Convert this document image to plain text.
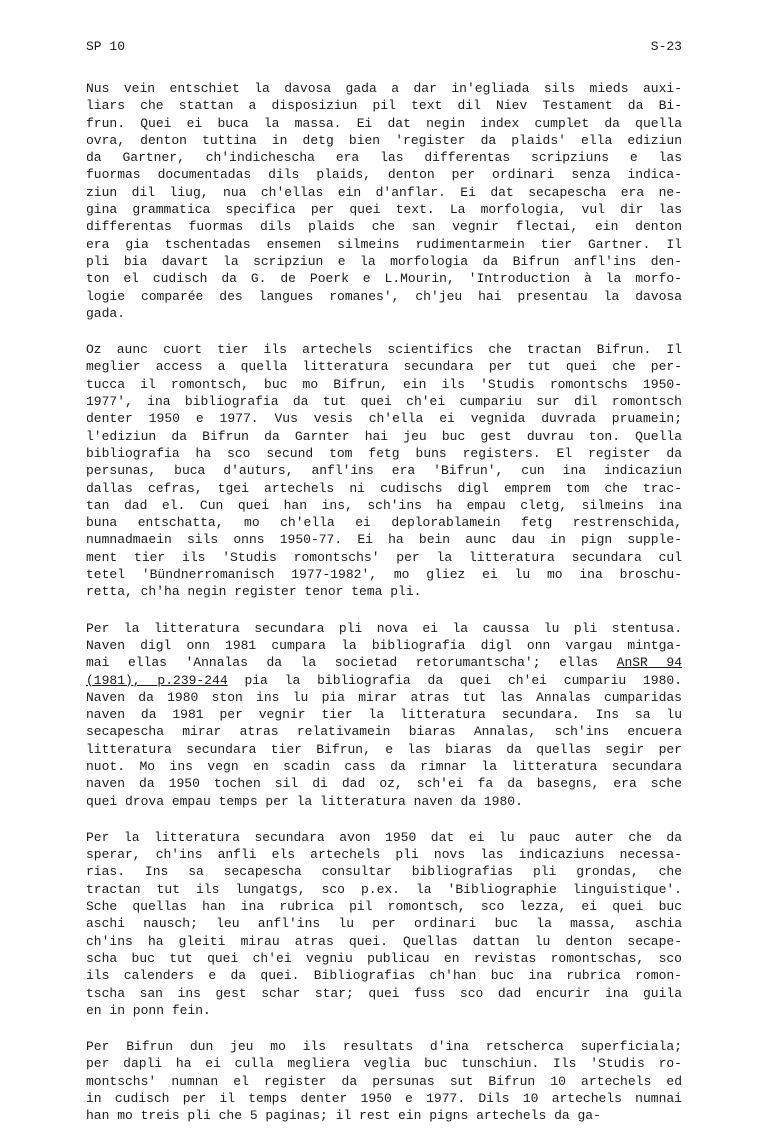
SP 10	S-23
Nus vein entschiet la davosa gada a dar in'egliada sils mieds auxi-
liars che stattan a disposiziun pil text dil Niev Testament da Bi-
frun. Quei ei buca la massa. Ei dat negin index cumplet da quella
ovra, denton tuttina in detg bien 'register da plaids' ella ediziun
da Gartner, ch'indichescha era las differentas scripziuns e las
fuormas documentadas dils plaids, denton per ordinari senza indica-
ziun dil liug, nua ch'ellas ein d'anflar. Ei dat secapescha era ne-
gina grammatica specifica per quei text. La morfologia, vul dir las
differentas fuormas dils plaids che san vegnir flectai, ein denton
era gia tschentadas ensemen silmeins rudimentarmein tier Gartner. Il
pli bia davart la scripziun e la morfologia da Bifrun anfl'ins den-
ton el cudisch da G. de Poerk e L.Mourin, 'Introduction à la morfo-
logie comparée des langues romanes', ch'jeu hai presentau la davosa
gada.
Oz aunc cuort tier ils artechels scientifics che tractan Bifrun. Il
meglier access a quella litteratura secundara per tut quei che per-
tucca il romontsch, buc mo Bifrun, ein ils 'Studis romontschs 1950-
1977', ina bibliografia da tut quei ch'ei cumpariu sur dil romontsch
denter 1950 e 1977. Vus vesis ch'ella ei vegnida duvrada pruamein;
l'ediziun da Bifrun da Garnter hai jeu buc gest duvrau ton. Quella
bibliografia ha sco secund tom fetg buns registers. El register da
persunas, buca d'auturs, anfl'ins era 'Bifrun', cun ina indicaziun
dallas cefras, tgei artechels ni cudischs digl emprem tom che trac-
tan dad el. Cun quei han ins, sch'ins ha empau cletg, silmeins ina
buna entschatta, mo ch'ella ei deplorablamein fetg restrenschida,
numnadmaein sils onns 1950-77. Ei ha bein aunc dau in pign supple-
ment tier ils 'Studis romontschs' per la litteratura secundara cul
tetel 'Bündnerromanisch 1977-1982', mo gliez ei lu mo ina broschu-
retta, ch'ha negin register tenor tema pli.
Per la litteratura secundara pli nova ei la caussa lu pli stentusa.
Naven digl onn 1981 cumpara la bibliografia digl onn vargau mintga-
mai ellas 'Annalas da la societad retorumantscha'; ellas AnSR 94
(1981), p.239-244 pia la bibliografia da quei ch'ei cumpariu 1980.
Naven da 1980 ston ins lu pia mirar atras tut las Annalas cumparidas
naven da 1981 per vegnir tier la litteratura secundara. Ins sa lu
secapescha mirar atras relativamein biaras Annalas, sch'ins encuera
litteratura secundara tier Bifrun, e las biaras da quellas segir per
nuot. Mo ins vegn en scadin cass da rimnar la litteratura secundara
naven da 1950 tochen sil di dad oz, sch'ei fa da basegns, era sche
quei drova empau temps per la litteratura naven da 1980.
Per la litteratura secundara avon 1950 dat ei lu pauc auter che da
sperar, ch'ins anfli els artechels pli novs las indicaziuns necessa-
rias. Ins sa secapescha consultar bibliografias pli grondas, che
tractan tut ils lungatgs, sco p.ex. la 'Bibliographie linguistique'.
Sche quellas han ina rubrica pil romontsch, sco lezza, ei quei buc
aschi nausch; leu anfl'ins lu per ordinari buc la massa, aschia
ch'ins ha gleiti mirau atras quei. Quellas dattan lu denton secape-
scha buc tut quei ch'ei vegniu publicau en revistas romontschas, sco
ils calenders e da quei. Bibliografias ch'han buc ina rubrica romon-
tscha san ins gest schar star; quei fuss sco dad encurir ina guila
en in ponn fein.
Per Bifrun dun jeu mo ils resultats d'ina retscherca superficiala;
per dapli ha ei culla megliera veglia buc tunschiun. Ils 'Studis ro-
montschs' numnan el register da persunas sut Bifrun 10 artechels ed
in cudisch per il temps denter 1950 e 1977. Dils 10 artechels numnai
han mo treis pli che 5 paginas; il rest ein pigns artechels da ga-
